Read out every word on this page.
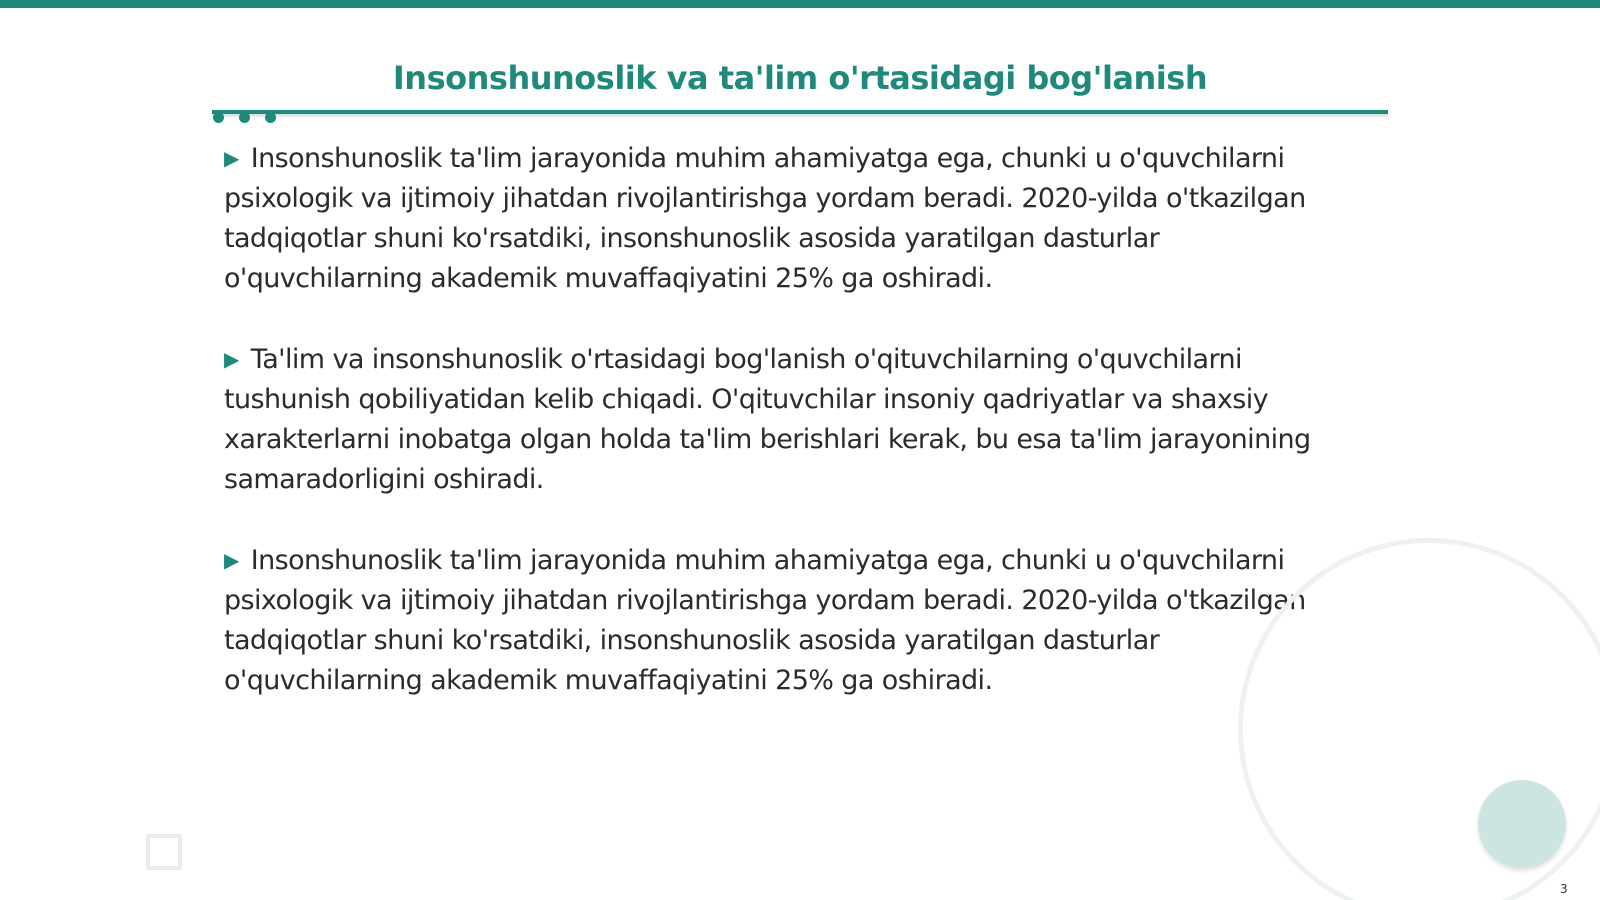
Insonshunoslik va ta'lim o'rtasidagi bog'lanish

▶ Insonshunoslik ta'lim jarayonida muhim ahamiyatga ega, chunki u o'quvchilarni psixologik va ijtimoiy jihatdan rivojlantirishga yordam beradi. 2020-yilda o'tkazilgan tadqiqotlar shuni ko'rsatdiki, insonshunoslik asosida yaratilgan dasturlar o'quvchilarning akademik muvaffaqiyatini 25% ga oshiradi.

▶ Ta'lim va insonshunoslik o'rtasidagi bog'lanish o'qituvchilarning o'quvchilarni tushunish qobiliyatidan kelib chiqadi. O'qituvchilar insoniy qadriyatlar va shaxsiy xarakterlarni inobatga olgan holda ta'lim berishlari kerak, bu esa ta'lim jarayonining samaradorligini oshiradi.

▶ Insonshunoslik ta'lim jarayonida muhim ahamiyatga ega, chunki u o'quvchilarni psixologik va ijtimoiy jihatdan rivojlantirishga yordam beradi. 2020-yilda o'tkazilgan tadqiqotlar shuni ko'rsatdiki, insonshunoslik asosida yaratilgan dasturlar o'quvchilarning akademik muvaffaqiyatini 25% ga oshiradi.

3
